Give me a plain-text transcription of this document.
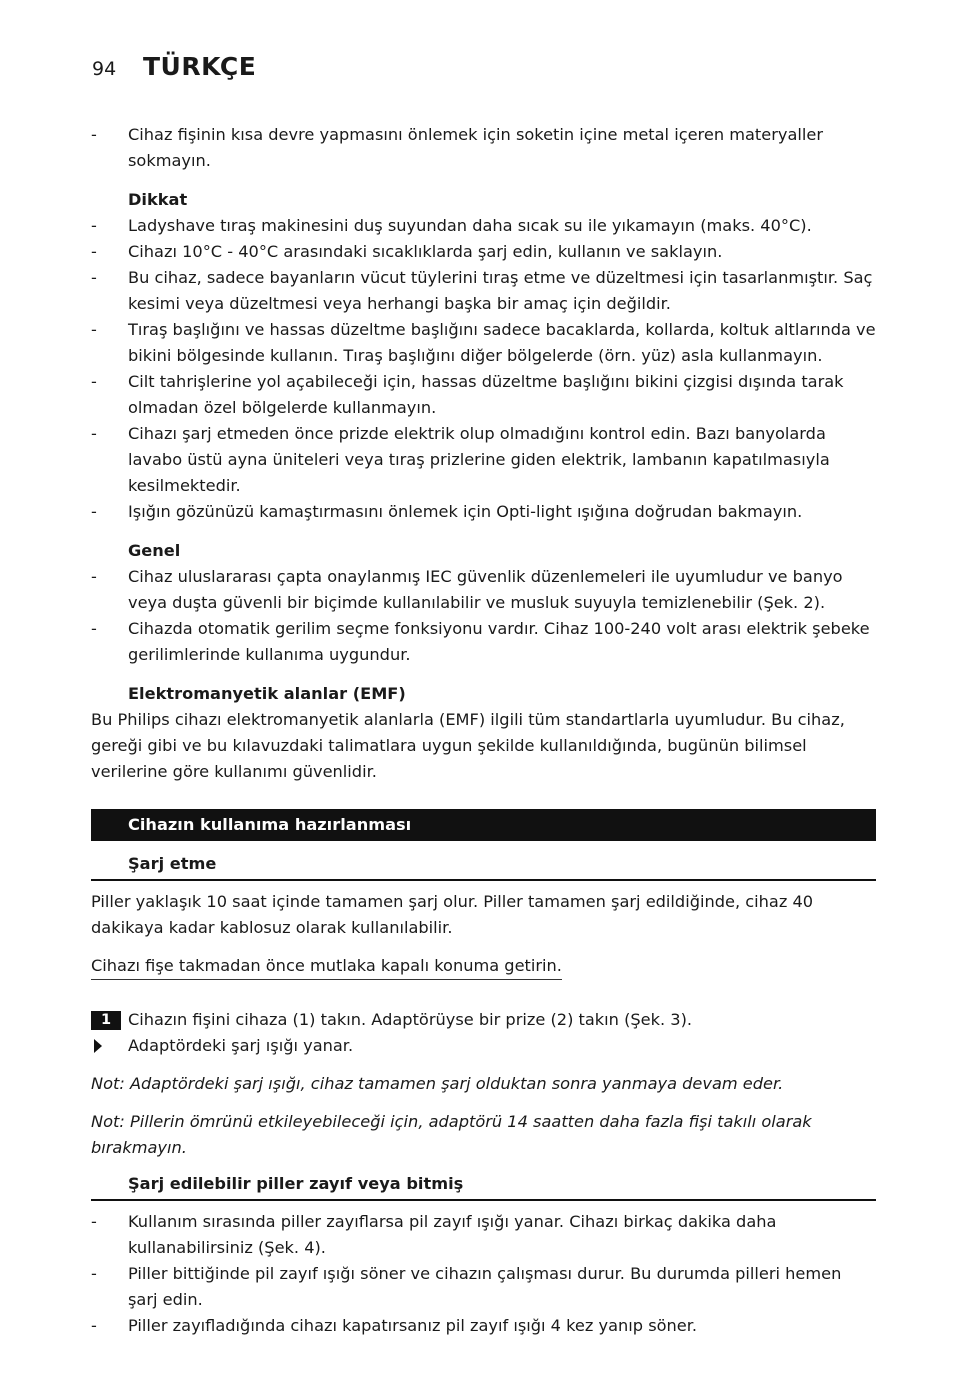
94 TÜRKÇE
-	Cihaz fişinin kısa devre yapmasını önlemek için soketin içine metal içeren materyaller sokmayın.
Dikkat
-	Ladyshave tıraş makinesini duş suyundan daha sıcak su ile yıkamayın (maks. 40°C).
-	Cihazı 10°C - 40°C arasındaki sıcaklıklarda şarj edin, kullanın ve saklayın.
-	Bu cihaz, sadece bayanların vücut tüylerini tıraş etme ve düzeltmesi için tasarlanmıştır. Saç kesimi veya düzeltmesi veya herhangi başka bir amaç için değildir.
-	Tıraş başlığını ve hassas düzeltme başlığını sadece bacaklarda, kollarda, koltuk altlarında ve bikini bölgesinde kullanın. Tıraş başlığını diğer bölgelerde (örn. yüz) asla kullanmayın.
-	Cilt tahrişlerine yol açabileceği için, hassas düzeltme başlığını bikini çizgisi dışında tarak olmadan özel bölgelerde kullanmayın.
-	Cihazı şarj etmeden önce prizde elektrik olup olmadığını kontrol edin. Bazı banyolarda lavabo üstü ayna üniteleri veya tıraş prizlerine giden elektrik, lambanın kapatılmasıyla kesilmektedir.
-	Işığın gözünüzü kamaştırmasını önlemek için Opti-light ışığına doğrudan bakmayın.
Genel
-	Cihaz uluslararası çapta onaylanmış IEC güvenlik düzenlemeleri ile uyumludur ve banyo veya duşta güvenli bir biçimde kullanılabilir ve musluk suyuyla temizlenebilir (Şek. 2).
-	Cihazda otomatik gerilim seçme fonksiyonu vardır. Cihaz 100-240 volt arası elektrik şebeke gerilimlerinde kullanıma uygundur.
Elektromanyetik alanlar (EMF)

Bu Philips cihazı elektromanyetik alanlarla (EMF) ilgili tüm standartlarla uyumludur. Bu cihaz, gereği gibi ve bu kılavuzdaki talimatlara uygun şekilde kullanıldığında, bugünün bilimsel verilerine göre kullanımı güvenlidir.

Cihazın kullanıma hazırlanması
Şarj etme

Piller yaklaşık 10 saat içinde tamamen şarj olur. Piller tamamen şarj edildiğinde, cihaz 40 dakikaya kadar kablosuz olarak kullanılabilir.

Cihazı fişe takmadan önce mutlaka kapalı konuma getirin.
1	Cihazın fişini cihaza (1) takın. Adaptörüyse bir prize (2) takın (Şek. 3).
Adaptördeki şarj ışığı yanar.

Not: Adaptördeki şarj ışığı, cihaz tamamen şarj olduktan sonra yanmaya devam eder.

Not: Pillerin ömrünü etkileyebileceği için, adaptörü 14 saatten daha fazla fişi takılı olarak bırakmayın.

Şarj edilebilir piller zayıf veya bitmiş
-	Kullanım sırasında piller zayıflarsa pil zayıf ışığı yanar. Cihazı birkaç dakika daha kullanabilirsiniz (Şek. 4).
-	Piller bittiğinde pil zayıf ışığı söner ve cihazın çalışması durur. Bu durumda pilleri hemen şarj edin.
-	Piller zayıfladığında cihazı kapatırsanız pil zayıf ışığı 4 kez yanıp söner.
